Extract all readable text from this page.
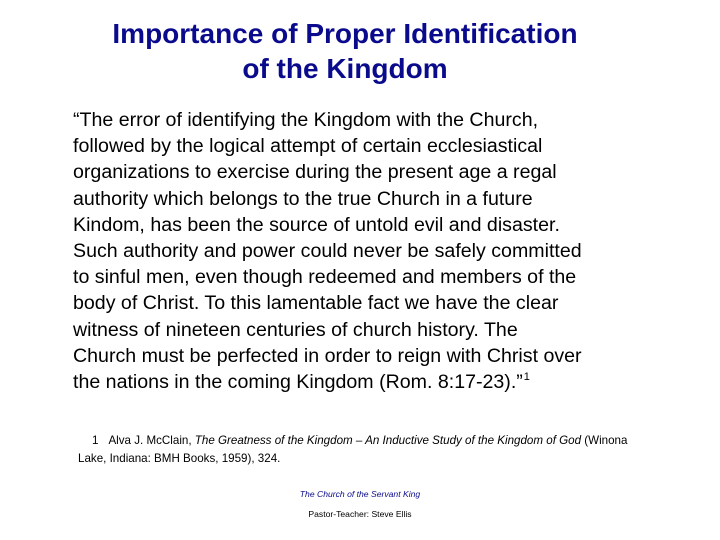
Importance of Proper Identification
of the Kingdom

“The error of identifying the Kingdom with the Church,
followed by the logical attempt of certain ecclesiastical
organizations to exercise during the present age a regal
authority which belongs to the true Church in a future
Kindom, has been the source of untold evil and disaster.
Such authority and power could never be safely committed
to sinful men, even though redeemed and members of the
body of Christ. To this lamentable fact we have the clear
witness of nineteen centuries of church history. The
Church must be perfected in order to reign with Christ over
the nations in the coming Kingdom (Rom. 8:17-23).”$^1$

1 Alva J. McClain, The Greatness of the Kingdom – An Inductive Study of the Kingdom of God (Winona Lake, Indiana: BMH Books, 1959), 324.

The Church of the Servant King
Pastor-Teacher: Steve Ellis
